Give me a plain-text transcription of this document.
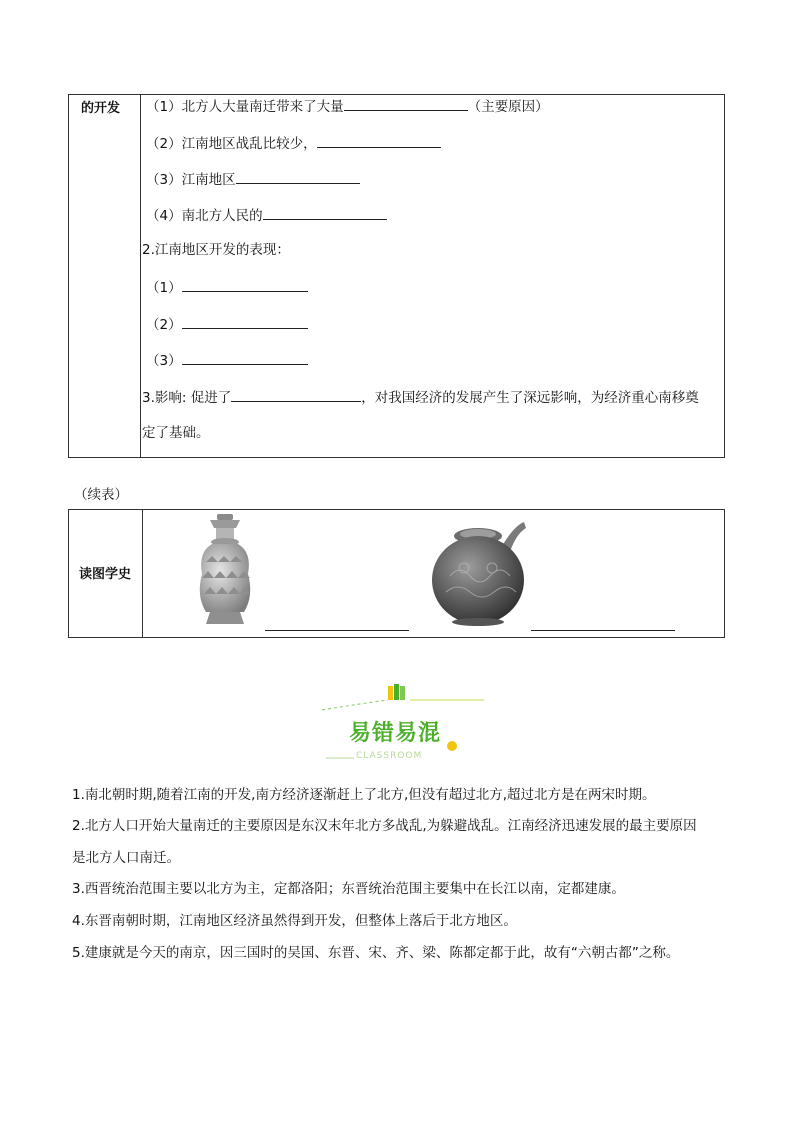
的开发 （1）北方人大量南迁带来了大量	（主要原因）
（2）江南地区战乱比较少，
（3）江南地区
（4）南北方人民的
2.江南地区开发的表现：
（1）
（2）
（3）
3.影响: 促进了	，对我国经济的发展产生了深远影响，为经济重心南移奠
定了基础。
（续表）
读图学史
易错易混
CLASSROOM
1.南北朝时期,随着江南的开发,南方经济逐渐赶上了北方,但没有超过北方,超过北方是在两宋时期。
2.北方人口开始大量南迁的主要原因是东汉末年北方多战乱,为躲避战乱。江南经济迅速发展的最主要原因
是北方人口南迁。
3.西晋统治范围主要以北方为主，定都洛阳；东晋统治范围主要集中在长江以南，定都建康。
4.东晋南朝时期，江南地区经济虽然得到开发，但整体上落后于北方地区。
5.建康就是今天的南京，因三国时的吴国、东晋、宋、齐、梁、陈都定都于此，故有“六朝古都”之称。
